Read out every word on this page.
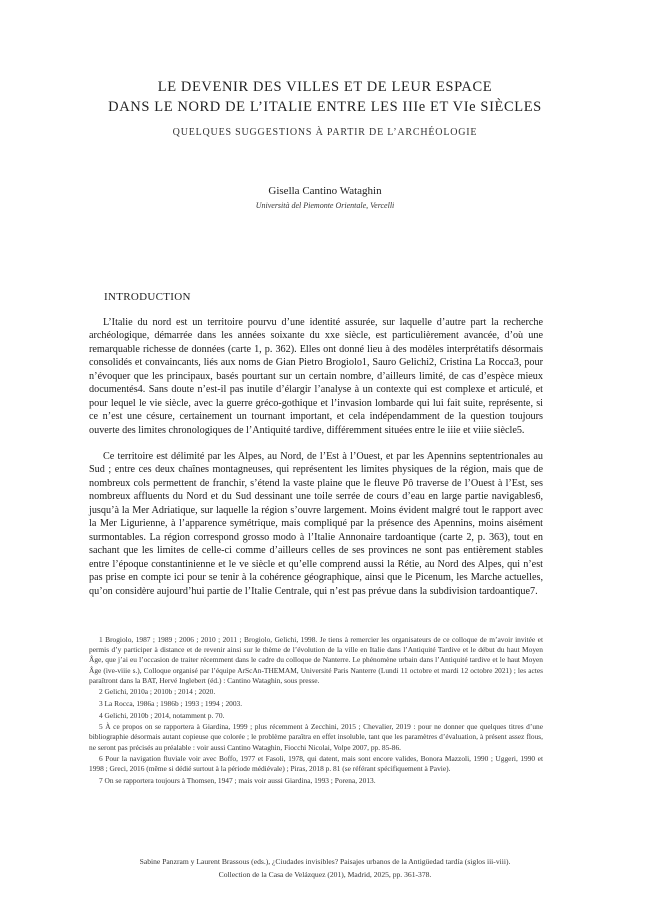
LE DEVENIR DES VILLES ET DE LEUR ESPACE
DANS LE NORD DE L’ITALIE ENTRE LES IIIe ET VIe SIÈCLES
QUELQUES SUGGESTIONS À PARTIR DE L’ARCHÉOLOGIE
Gisella Cantino Wataghin
Università del Piemonte Orientale, Vercelli
INTRODUCTION

L’Italie du nord est un territoire pourvu d’une identité assurée, sur laquelle d’autre part la recherche archéologique, démarrée dans les années soixante du xxe siècle, est particulièrement avancée, d’où une remarquable richesse de données (carte 1, p. 362). Elles ont donné lieu à des modèles interprétatifs désormais consolidés et convaincants, liés aux noms de Gian Pietro Brogiolo1, Sauro Gelichi2, Cristina La Rocca3, pour n’évoquer que les principaux, basés pourtant sur un certain nombre, d’ailleurs limité, de cas d’espèce mieux documentés4. Sans doute n’est-il pas inutile d’élargir l’analyse à un contexte qui est complexe et articulé, et pour lequel le vie siècle, avec la guerre gréco-gothique et l’invasion lombarde qui lui fait suite, représente, si ce n’est une césure, certainement un tournant important, et cela indépendamment de la question toujours ouverte des limites chronologiques de l’Antiquité tardive, différemment situées entre le iiie et viiie siècle5.

Ce territoire est délimité par les Alpes, au Nord, de l’Est à l’Ouest, et par les Apennins septentrionales au Sud ; entre ces deux chaînes montagneuses, qui représentent les limites physiques de la région, mais que de nombreux cols permettent de franchir, s’étend la vaste plaine que le fleuve Pô traverse de l’Ouest à l’Est, ses nombreux affluents du Nord et du Sud dessinant une toile serrée de cours d’eau en large partie navigables6, jusqu’à la Mer Adriatique, sur laquelle la région s’ouvre largement. Moins évident malgré tout le rapport avec la Mer Ligurienne, à l’apparence symétrique, mais compliqué par la présence des Apennins, moins aisément surmontables. La région correspond grosso modo à l’Italie Annonaire tardoantique (carte 2, p. 363), tout en sachant que les limites de celle-ci comme d’ailleurs celles de ses provinces ne sont pas entièrement stables entre l’époque constantinienne et le ve siècle et qu’elle comprend aussi la Rétie, au Nord des Alpes, qui n’est pas prise en compte ici pour se tenir à la cohérence géographique, ainsi que le Picenum, les Marche actuelles, qu’on considère aujourd’hui partie de l’Italie Centrale, qui n’est pas prévue dans la subdivision tardoantique7.

1 Brogiolo, 1987 ; 1989 ; 2006 ; 2010 ; 2011 ; Brogiolo, Gelichi, 1998. Je tiens à remercier les organisateurs de ce colloque de m’avoir invitée et permis d’y participer à distance et de revenir ainsi sur le thème de l’évolution de la ville en Italie dans l’Antiquité Tardive et le début du haut Moyen Âge, que j’ai eu l’occasion de traiter récemment dans le cadre du colloque de Nanterre. Le phénomène urbain dans l’Antiquité tardive et le haut Moyen Âge (ive-viiie s.), Colloque organisé par l’équipe ArScAn-THEMAM, Université Paris Nanterre (Lundi 11 octobre et mardi 12 octobre 2021) ; les actes paraîtront dans la BAT, Hervé Inglebert (éd.) : Cantino Wataghin, sous presse.

2 Gelichi, 2010a ; 2010b ; 2014 ; 2020.

3 La Rocca, 1986a ; 1986b ; 1993 ; 1994 ; 2003.

4 Gelichi, 2010b ; 2014, notamment p. 70.

5 À ce propos on se rapportera à Giardina, 1999 ; plus récemment à Zecchini, 2015 ; Chevalier, 2019 : pour ne donner que quelques titres d’une bibliographie désormais autant copieuse que colorée ; le problème paraîtra en effet insoluble, tant que les paramètres d’évaluation, à présent assez flous, ne seront pas précisés au préalable : voir aussi Cantino Wataghin, Fiocchi Nicolai, Volpe 2007, pp. 85-86.

6 Pour la navigation fluviale voir avec Boffo, 1977 et Fasoli, 1978, qui datent, mais sont encore valides, Bonora Mazzoli, 1990 ; Uggeri, 1990 et 1998 ; Greci, 2016 (même si dédié surtout à la période médiévale) ; Piras, 2018 p. 81 (se référant spécifiquement à Pavie).

7 On se rapportera toujours à Thomsen, 1947 ; mais voir aussi Giardina, 1993 ; Porena, 2013.

Sabine Panzram y Laurent Brassous (eds.), ¿Ciudades invisibles? Paisajes urbanos de la Antigüedad tardía (siglos iii-viii).
Collection de la Casa de Velázquez (201), Madrid, 2025, pp. 361-378.
